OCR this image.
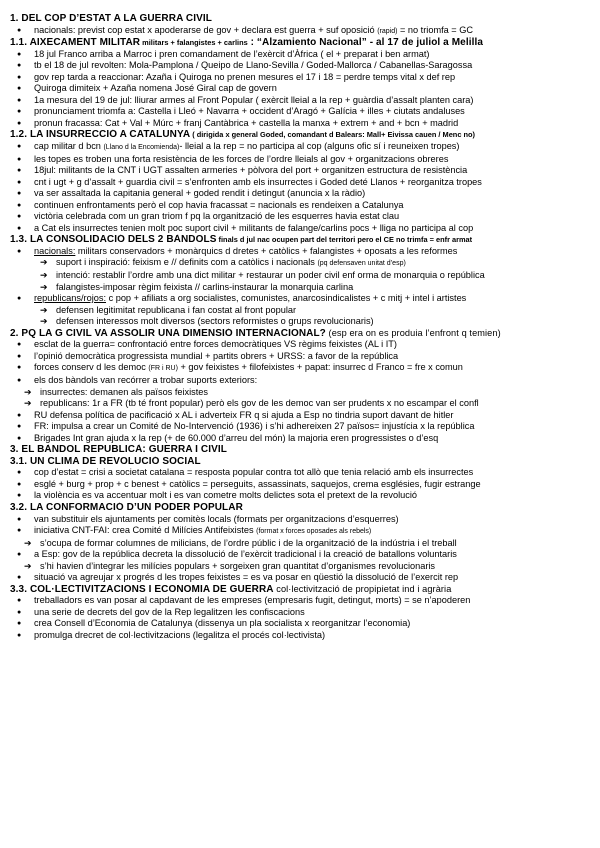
1. DEL COP D’ESTAT A LA GUERRA CIVIL
● nacionals: previst cop estat x apoderarse de gov + declara est guerra + suf oposició (rapid) = no triomfa = GC
1.1. AIXECAMENT MILITAR militars + falangistes + carlins : “Alzamiento Nacional” - al 17 de juliol a Melilla
● 18 jul Franco arriba a Marroc i pren comandament de l’exèrcit d’Àfrica ( el + preparat i ben armat)
● tb el 18 de jul revolten: Mola-Pamplona / Queipo de Llano-Sevilla / Goded-Mallorca / Cabanellas-Saragossa
● gov rep tarda a reaccionar: Azaña i Quiroga no prenen mesures el 17 i 18 = perdre temps vital x def rep
● Quiroga dimiteix + Azaña nomena José Giral cap de govern
● 1a mesura del 19 de jul: lliurar armes al Front Popular ( exèrcit lleial a la rep + guàrdia d’assalt planten cara)
● pronunciament triomfa a: Castella i Lleó + Navarra + occident d’Aragó + Galícia + illes + ciutats andaluses
● pronun fracassa: Cat + Val + Múrc + franj Cantàbrica + castella la manxa + extrem + and + bcn + madrid
1.2. LA INSURRECCIÓ A CATALUNYA ( dirigida x general Goded, comandant d Balears: Mall+ Eivissa cauen / Menc no)
● cap militar d bcn (Llano d la Encomienda)- lleial a la rep = no participa al cop (alguns ofic sí i reuneixen tropes)
● les topes es troben una forta resistència de les forces de l’ordre lleials al gov + organitzacions obreres
● 18jul: militants de la CNT i UGT assalten armeries + pòlvora del port + organitzen estructura de resistència
● cnt i ugt + g d’assalt + guardia civil = s’enfronten amb els insurrectes i Goded deté Llanos + reorganitza tropes
● va ser assaltada la capitania general + goded rendit i detingut (anuncia x la ràdio)
● continuen enfrontaments però el cop havia fracassat = nacionals es rendeixen a Catalunya
● victòria celebrada com un gran triom f pq la organització de les esquerres havia estat clau
● a Cat els insurrectes tenien molt poc suport civil + militants de falange/carlins pocs + lliga no participa al cop
1.3. LA CONSOLIDACIÓ DELS 2 BÀNDOLS finals d jul nac ocupen part del territori pero el CE no trimfa = enfr armat
● nacionals: militars conservadors + monàrquics d dretes + catòlics + falangistes + oposats a les reformes
➔ suport i inspiració: feixism e // definits com a catòlics i nacionals (pq defensaven unitat d’esp)
➔ intenció: restablir l’ordre amb una dict militar + restaurar un poder civil enf orma de monarquia o república
➔ falangistes-imposar règim feixista // carlins-instaurar la monarquia carlina
● republicans/rojos: c pop + afiliats a org socialistes, comunistes, anarcosindicalistes + c mitj + intel i artistes
➔ defensen legitimitat republicana i fan costat al front popular
➔ defensen interessos molt diversos (sectors reformistes o grups revolucionaris)
2. PQ LA G CIVIL VA ASSOLIR UNA DIMENSIÓ INTERNACIONAL? (esp era on es produia l’enfront q temien)
● esclat de la guerra= confrontació entre forces democràtiques VS règims feixistes (AL i IT)
● l’opinió democràtica progressista mundial + partits obrers + URSS: a favor de la república
● forces conserv d les democ (FR i RU) + gov feixistes + filofeixistes + papat: insurrec d Franco = fre x comun
● els dos bàndols van recórrer a trobar suports exteriors:
➔ insurrectes: demanen als països feixistes
➔ republicans: 1r a FR (tb té front popular) però els gov de les democ van ser prudents x no escampar el confl
● RU defensa política de pacificació x AL i adverteix FR q si ajuda a Esp no tindria suport davant de hitler
● FR: impulsa a crear un Comité de No-Intervenció (1936) i s’hi adhereixen 27 països= injustícia x la república
● Brigades Int gran ajuda x la rep (+ de 60.000 d’arreu del món) la majoria eren progressistes o d’esq
3. EL BÀNDOL REPUBLICÀ: GUERRA I CIVIL
3.1. UN CLIMA DE REVOLUCIÓ SOCIAL
● cop d’estat = crisi a societat catalana = resposta popular contra tot allò que tenia relació amb els insurrectes
● esglé + burg + prop + c benest + catòlics = perseguits, assassinats, saquejos, crema esglésies, fugir estrange
● la violència es va accentuar molt i es van cometre molts delictes sota el pretext de la revolució
3.2. LA CONFORMACIÓ D’UN PODER POPULAR
● van substituir els ajuntaments per comitès locals (formats per organitzacions d’esquerres)
● iniciativa CNT-FAI: crea Comité d Milícies Antifeixistes (format x forces oposades als rebels)
➔ s’ocupa de formar columnes de milicians, de l’ordre públic i de la organització de la indústria i el treball
● a Esp: gov de la república decreta la dissolució de l’exèrcit tradicional i la creació de batallons voluntaris
➔ s’hi havien d’integrar les milícies populars + sorgeixen gran quantitat d’organismes revolucionaris
● situació va agreujar x progrés d les tropes feixistes = es va posar en qüestió la dissolució de l’exercit rep
3.3. COL·LECTIVITZACIONS I ECONOMIA DE GUERRA col·lectivització de propipietat ind i agrària
● treballadors es van posar al capdavant de les empreses (empresaris fugit, detingut, morts) = se n’apoderen
● una serie de decrets del gov de la Rep legalitzen les confiscacions
● crea Consell d’Economia de Catalunya (dissenya un pla socialista x reorganitzar l’economia)
● promulga drecret de col·lectivitzacions (legalitza el procés col·lectivista)
